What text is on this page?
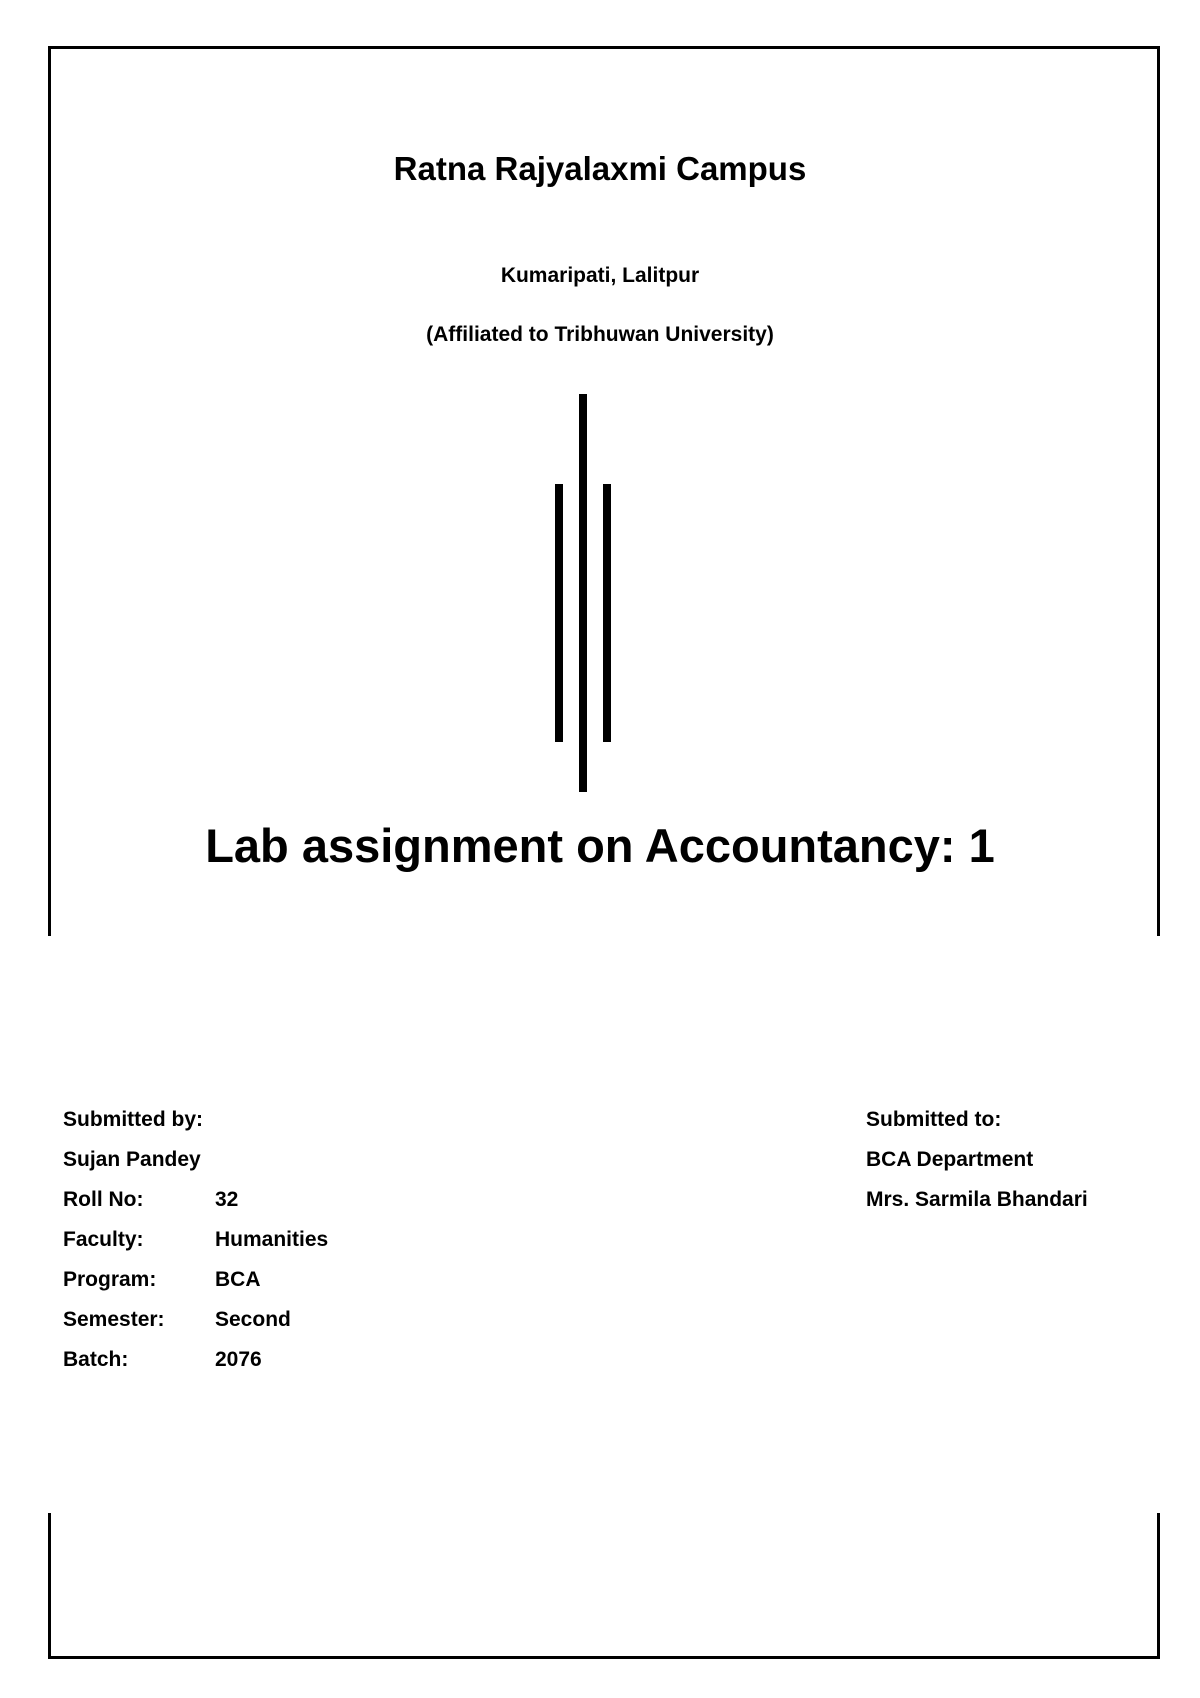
Ratna Rajyalaxmi Campus
Kumaripati, Lalitpur
(Affiliated to Tribhuwan University)
Lab assignment on Accountancy: 1
Submitted by:
Sujan Pandey
Roll No:	32
Faculty:	Humanities
Program:	BCA
Semester:	Second
Batch:	2076
Submitted to:
BCA Department
Mrs. Sarmila Bhandari
